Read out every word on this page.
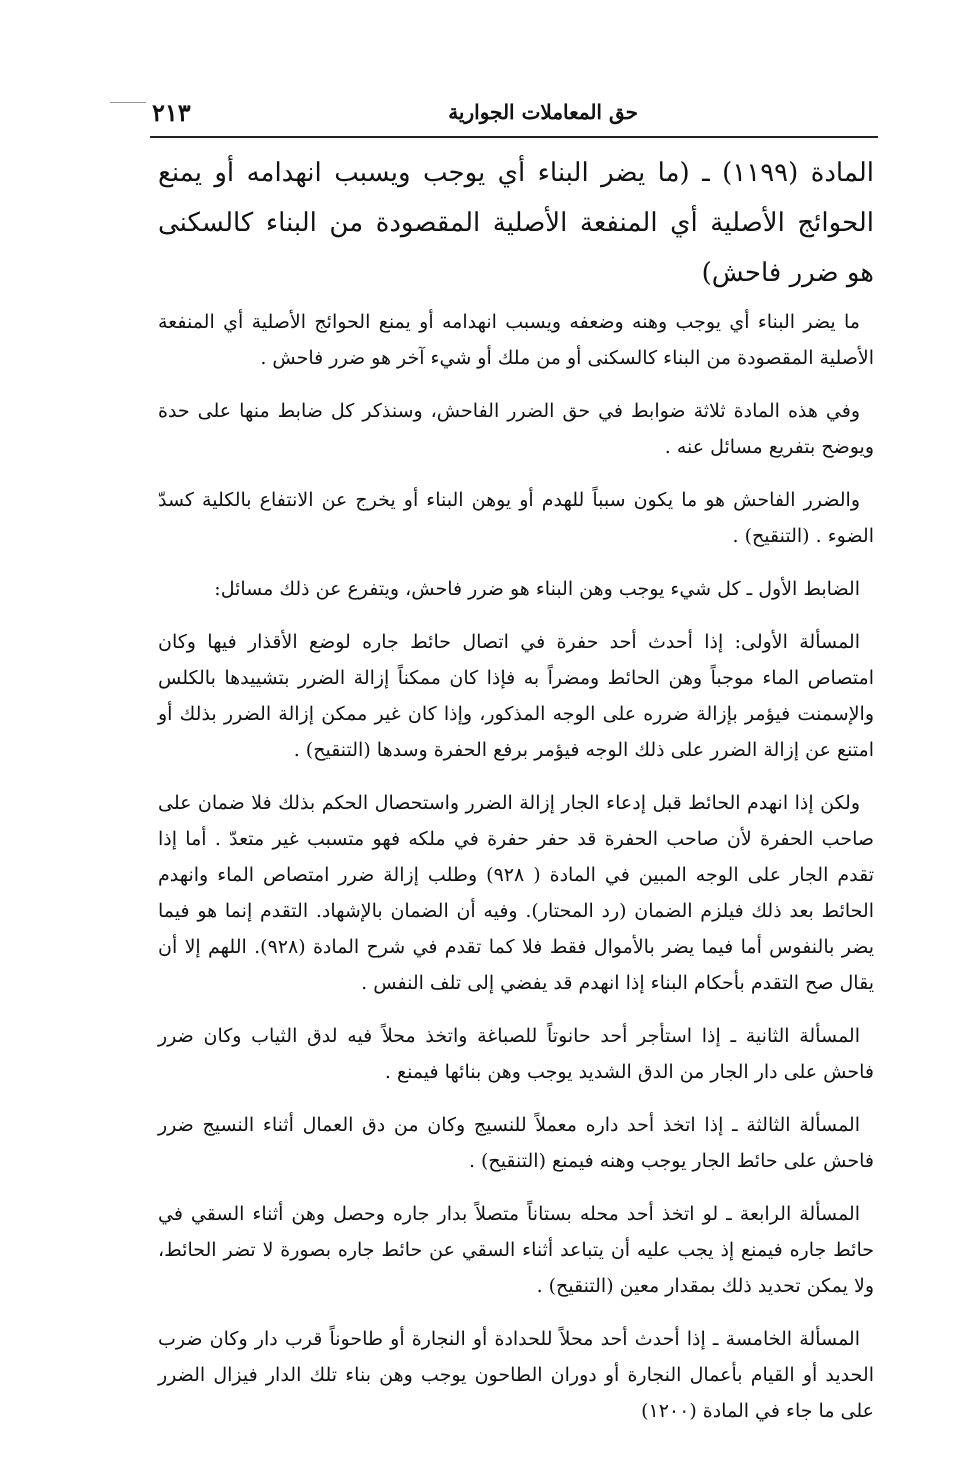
حق المعاملات الجوارية
٢١٣

المادة (١١٩٩) ـ (ما يضر البناء أي يوجب ويسبب انهدامه أو يمنع الحوائج الأصلية أي المنفعة الأصلية المقصودة من البناء كالسكنى هو ضرر فاحش)

ما يضر البناء أي يوجب وهنه وضعفه ويسبب انهدامه أو يمنع الحوائج الأصلية أي المنفعة الأصلية المقصودة من البناء كالسكنى أو من ملك أو شيء آخر هو ضرر فاحش .

وفي هذه المادة ثلاثة ضوابط في حق الضرر الفاحش، وسنذكر كل ضابط منها على حدة ويوضح بتفريع مسائل عنه .

والضرر الفاحش هو ما يكون سبباً للهدم أو يوهن البناء أو يخرج عن الانتفاع بالكلية كسدّ الضوء . (التنقيح) .

الضابط الأول ـ كل شيء يوجب وهن البناء هو ضرر فاحش، ويتفرع عن ذلك مسائل:

المسألة الأولى: إذا أحدث أحد حفرة في اتصال حائط جاره لوضع الأقذار فيها وكان امتصاص الماء موجباً وهن الحائط ومضراً به فإذا كان ممكناً إزالة الضرر بتشييدها بالكلس والإسمنت فيؤمر بإزالة ضرره على الوجه المذكور، وإذا كان غير ممكن إزالة الضرر بذلك أو امتنع عن إزالة الضرر على ذلك الوجه فيؤمر برفع الحفرة وسدها (التنقيح) .

ولكن إذا انهدم الحائط قبل إدعاء الجار إزالة الضرر واستحصال الحكم بذلك فلا ضمان على صاحب الحفرة لأن صاحب الحفرة قد حفر حفرة في ملكه فهو متسبب غير متعدّ . أما إذا تقدم الجار على الوجه المبين في المادة ( ٩٢٨) وطلب إزالة ضرر امتصاص الماء وانهدم الحائط بعد ذلك فيلزم الضمان (رد المحتار). وفيه أن الضمان بالإشهاد. التقدم إنما هو فيما يضر بالنفوس أما فيما يضر بالأموال فقط فلا كما تقدم في شرح المادة (٩٢٨). اللهم إلا أن يقال صح التقدم بأحكام البناء إذا انهدم قد يفضي إلى تلف النفس .

المسألة الثانية ـ إذا استأجر أحد حانوتاً للصباغة واتخذ محلاً فيه لدق الثياب وكان ضرر فاحش على دار الجار من الدق الشديد يوجب وهن بنائها فيمنع .

المسألة الثالثة ـ إذا اتخذ أحد داره معملاً للنسيج وكان من دق العمال أثناء النسيج ضرر فاحش على حائط الجار يوجب وهنه فيمنع (التنقيح) .

المسألة الرابعة ـ لو اتخذ أحد محله بستاناً متصلاً بدار جاره وحصل وهن أثناء السقي في حائط جاره فيمنع إذ يجب عليه أن يتباعد أثناء السقي عن حائط جاره بصورة لا تضر الحائط، ولا يمكن تحديد ذلك بمقدار معين (التنقيح) .

المسألة الخامسة ـ إذا أحدث أحد محلاً للحدادة أو النجارة أو طاحوناً قرب دار وكان ضرب الحديد أو القيام بأعمال النجارة أو دوران الطاحون يوجب وهن بناء تلك الدار فيزال الضرر على ما جاء في المادة (١٢٠٠)
